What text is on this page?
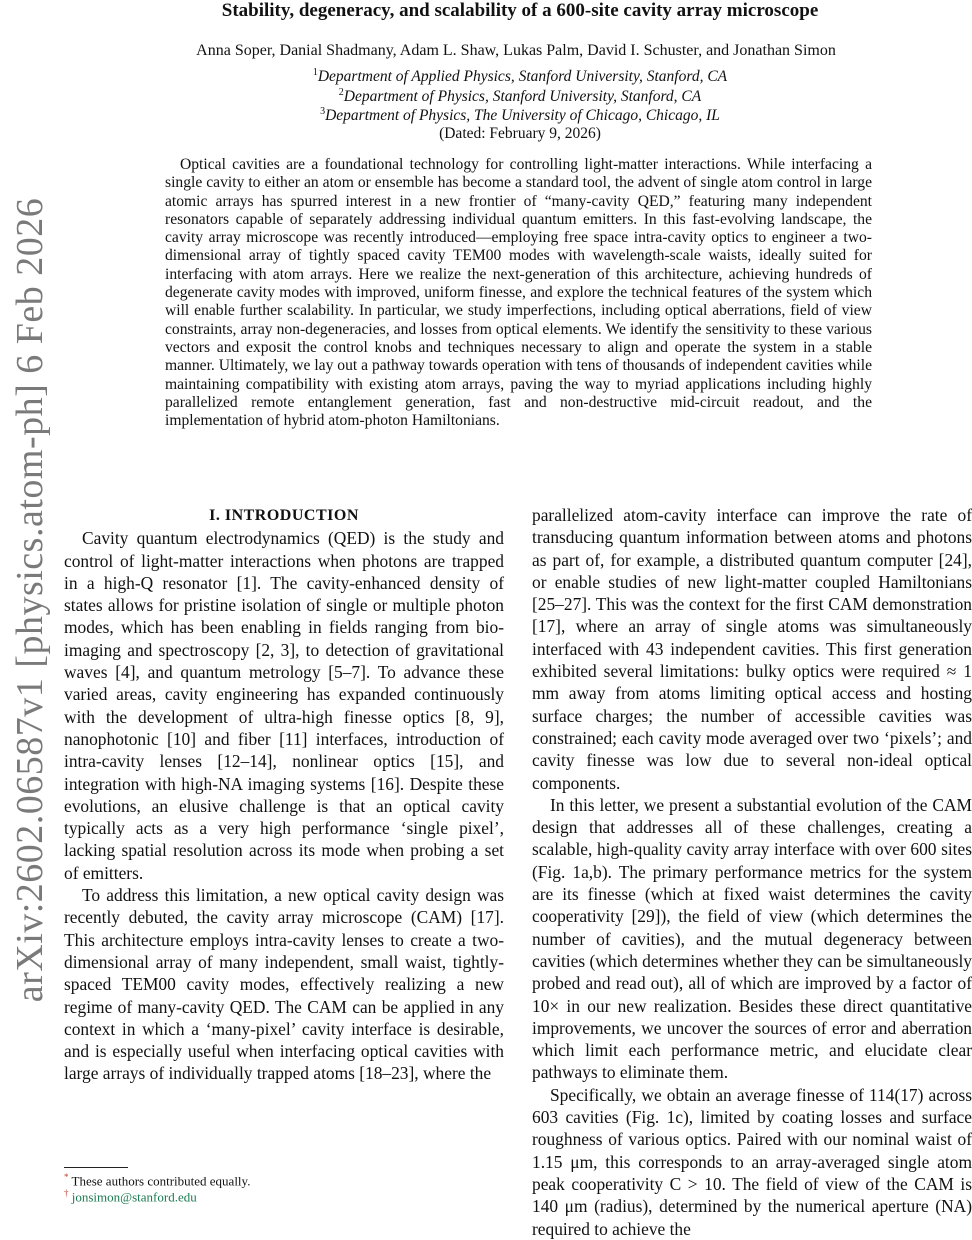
arXiv:2602.06587v1 [physics.atom-ph] 6 Feb 2026
Stability, degeneracy, and scalability of a 600-site cavity array microscope
Anna Soper, Danial Shadmany, Adam L. Shaw, Lukas Palm, David I. Schuster, and Jonathan Simon
$^1$Department of Applied Physics, Stanford University, Stanford, CA
$^2$Department of Physics, Stanford University, Stanford, CA
$^3$Department of Physics, The University of Chicago, Chicago, IL
(Dated: February 9, 2026)
Optical cavities are a foundational technology for controlling light-matter interactions. While interfacing a single cavity to either an atom or ensemble has become a standard tool, the advent of single atom control in large atomic arrays has spurred interest in a new frontier of “many-cavity QED,” featuring many independent resonators capable of separately addressing individual quantum emitters. In this fast-evolving landscape, the cavity array microscope was recently introduced—employing free space intra-cavity optics to engineer a two-dimensional array of tightly spaced cavity TEM00 modes with wavelength-scale waists, ideally suited for interfacing with atom arrays. Here we realize the next-generation of this architecture, achieving hundreds of degenerate cavity modes with improved, uniform finesse, and explore the technical features of the system which will enable further scalability. In particular, we study imperfections, including optical aberrations, field of view constraints, array non-degeneracies, and losses from optical elements. We identify the sensitivity to these various vectors and exposit the control knobs and techniques necessary to align and operate the system in a stable manner. Ultimately, we lay out a pathway towards operation with tens of thousands of independent cavities while maintaining compatibility with existing atom arrays, paving the way to myriad applications including highly parallelized remote entanglement generation, fast and non-destructive mid-circuit readout, and the implementation of hybrid atom-photon Hamiltonians.

I. INTRODUCTION

Cavity quantum electrodynamics (QED) is the study and control of light-matter interactions when photons are trapped in a high-Q resonator [1]. The cavity-enhanced density of states allows for pristine isolation of single or multiple photon modes, which has been enabling in fields ranging from bio-imaging and spectroscopy [2, 3], to detection of gravitational waves [4], and quantum metrology [5–7]. To advance these varied areas, cavity engineering has expanded continuously with the development of ultra-high finesse optics [8, 9], nanophotonic [10] and fiber [11] interfaces, introduction of intra-cavity lenses [12–14], nonlinear optics [15], and integration with high-NA imaging systems [16]. Despite these evolutions, an elusive challenge is that an optical cavity typically acts as a very high performance ‘single pixel’, lacking spatial resolution across its mode when probing a set of emitters.

To address this limitation, a new optical cavity design was recently debuted, the cavity array microscope (CAM) [17]. This architecture employs intra-cavity lenses to create a two-dimensional array of many independent, small waist, tightly-spaced TEM00 cavity modes, effectively realizing a new regime of many-cavity QED. The CAM can be applied in any context in which a ‘many-pixel’ cavity interface is desirable, and is especially useful when interfacing optical cavities with large arrays of individually trapped atoms [18–23], where the

parallelized atom-cavity interface can improve the rate of transducing quantum information between atoms and photons as part of, for example, a distributed quantum computer [24], or enable studies of new light-matter coupled Hamiltonians [25–27]. This was the context for the first CAM demonstration [17], where an array of single atoms was simultaneously interfaced with 43 independent cavities. This first generation exhibited several limitations: bulky optics were required ≈ 1 mm away from atoms limiting optical access and hosting surface charges; the number of accessible cavities was constrained; each cavity mode averaged over two ‘pixels’; and cavity finesse was low due to several non-ideal optical components.

In this letter, we present a substantial evolution of the CAM design that addresses all of these challenges, creating a scalable, high-quality cavity array interface with over 600 sites (Fig. 1a,b). The primary performance metrics for the system are its finesse (which at fixed waist determines the cavity cooperativity [29]), the field of view (which determines the number of cavities), and the mutual degeneracy between cavities (which determines whether they can be simultaneously probed and read out), all of which are improved by a factor of 10× in our new realization. Besides these direct quantitative improvements, we uncover the sources of error and aberration which limit each performance metric, and elucidate clear pathways to eliminate them.

Specifically, we obtain an average finesse of 114(17) across 603 cavities (Fig. 1c), limited by coating losses and surface roughness of various optics. Paired with our nominal waist of 1.15 μm, this corresponds to an array-averaged single atom peak cooperativity C > 10. The field of view of the CAM is 140 μm (radius), determined by the numerical aperture (NA) required to achieve the

* These authors contributed equally.
† jonsimon@stanford.edu
